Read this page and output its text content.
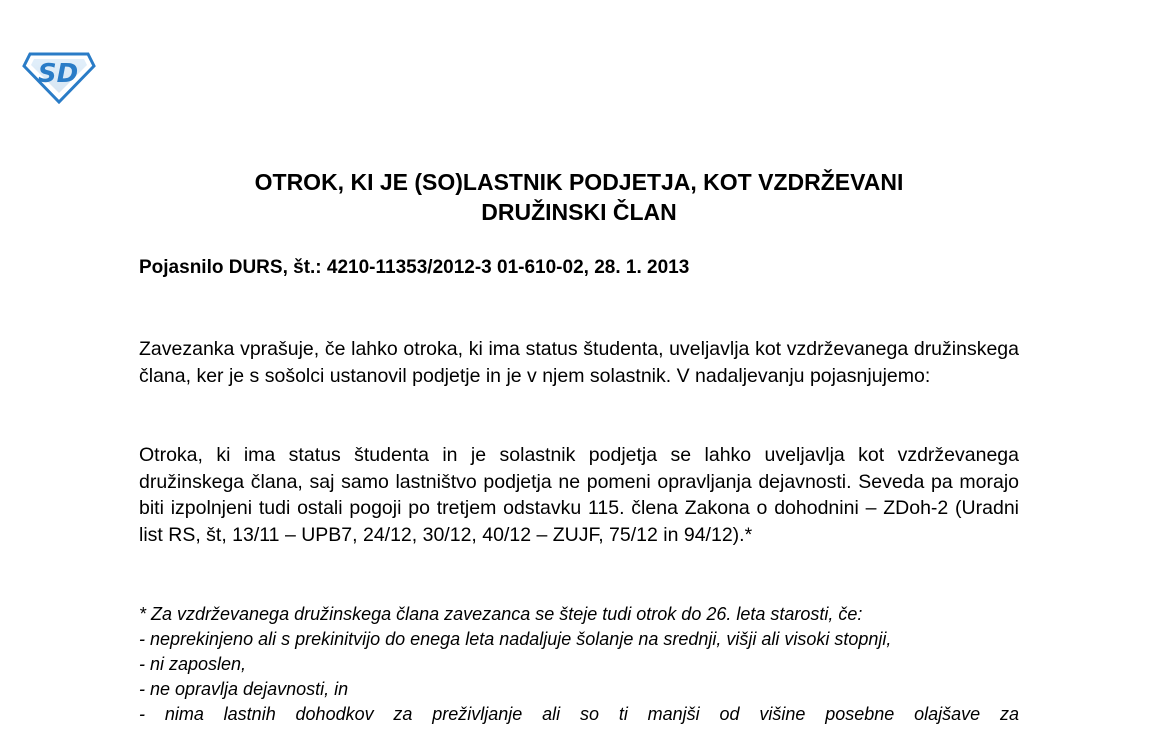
SD
OTROK, KI JE (SO)LASTNIK PODJETJA, KOT VZDRŽEVANI
DRUŽINSKI ČLAN

Pojasnilo DURS, št.: 4210-11353/2012-3 01-610-02, 28. 1. 2013

Zavezanka vprašuje, če lahko otroka, ki ima status študenta, uveljavlja kot vzdrževanega družinskega člana, ker je s sošolci ustanovil podjetje in je v njem solastnik. V nadaljevanju pojasnjujemo:

Otroka, ki ima status študenta in je solastnik podjetja se lahko uveljavlja kot vzdrževanega družinskega člana, saj samo lastništvo podjetja ne pomeni opravljanja dejavnosti. Seveda pa morajo biti izpolnjeni tudi ostali pogoji po tretjem odstavku 115. člena Zakona o dohodnini – ZDoh-2 (Uradni list RS, št, 13/11 – UPB7, 24/12, 30/12, 40/12 – ZUJF, 75/12 in 94/12).*

* Za vzdrževanega družinskega člana zavezanca se šteje tudi otrok do 26. leta starosti, če:
- neprekinjeno ali s prekinitvijo do enega leta nadaljuje šolanje na srednji, višji ali visoki stopnji,
- ni zaposlen,
- ne opravlja dejavnosti, in
- nima lastnih dohodkov za preživljanje ali so ti manjši od višine posebne olajšave za
